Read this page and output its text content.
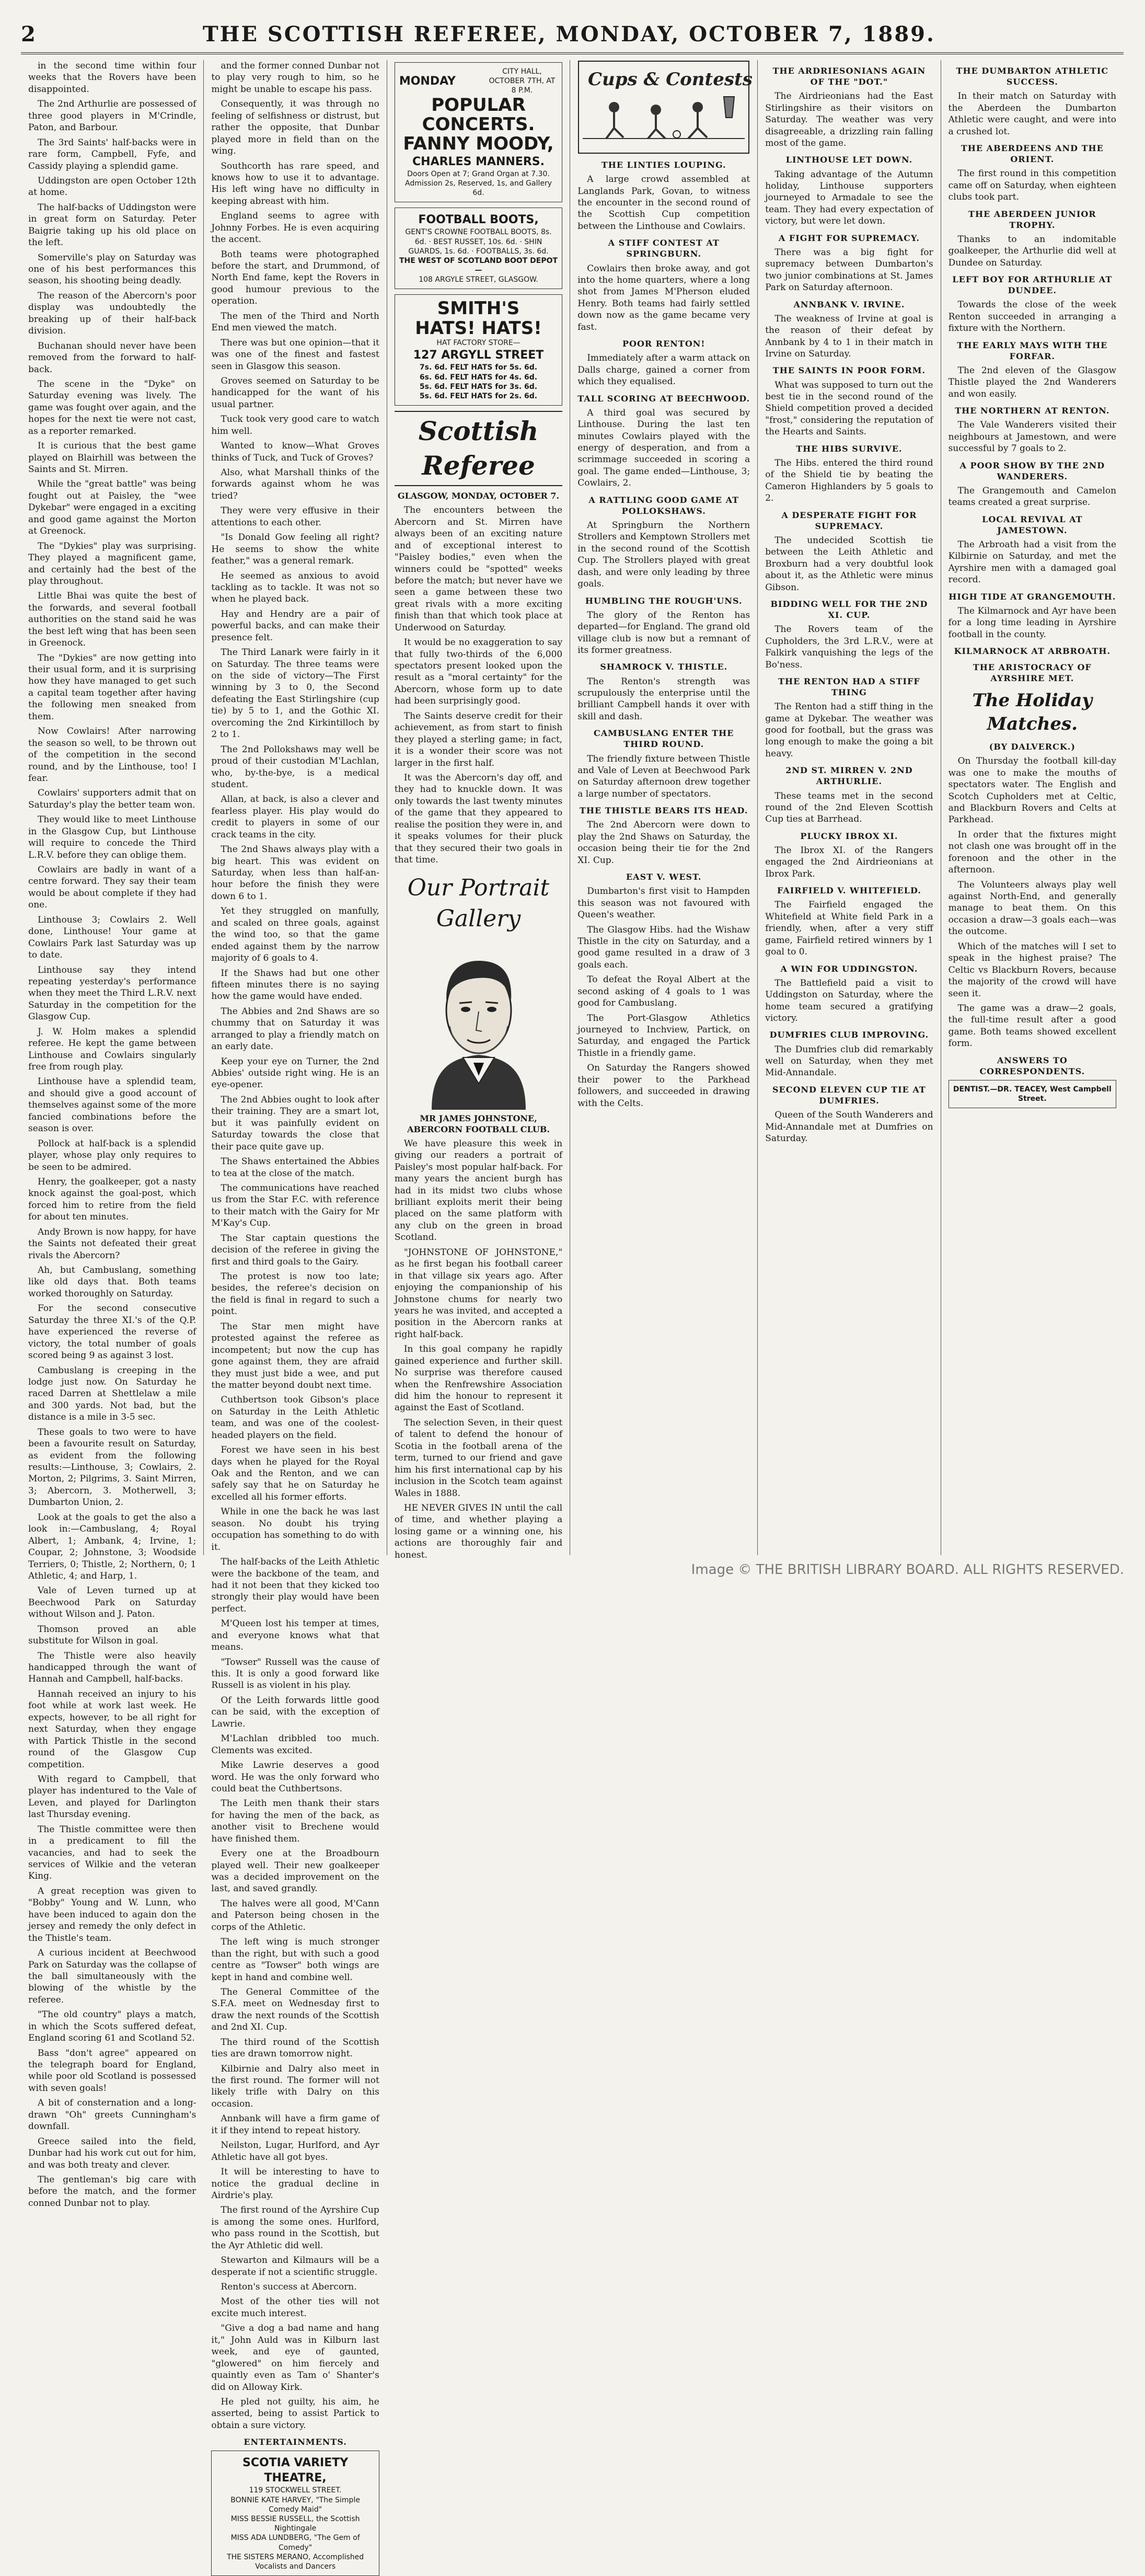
2	THE SCOTTISH REFEREE, MONDAY, OCTOBER 7, 1889.

in the second time within four weeks that the Rovers have been disappointed.

The 2nd Arthurlie are possessed of three good players in M'Crindle, Paton, and Barbour.

The 3rd Saints' half-backs were in rare form, Campbell, Fyfe, and Cassidy playing a splendid game.

Uddingston are open October 12th at home.

The half-backs of Uddingston were in great form on Saturday. Peter Baigrie taking up his old place on the left.

Somerville's play on Saturday was one of his best performances this season, his shooting being deadly.

The reason of the Abercorn's poor display was undoubtedly the breaking up of their half-back division.

Buchanan should never have been removed from the forward to half-back.

The scene in the "Dyke" on Saturday evening was lively. The game was fought over again, and the hopes for the next tie were not cast, as a reporter remarked.

It is curious that the best game played on Blairhill was between the Saints and St. Mirren.

While the "great battle" was being fought out at Paisley, the "wee Dykebar" were engaged in a exciting and good game against the Morton at Greenock.

The "Dykies" play was surprising. They played a magnificent game, and certainly had the best of the play throughout.

Little Bhai was quite the best of the forwards, and several football authorities on the stand said he was the best left wing that has been seen in Greenock.

The "Dykies" are now getting into their usual form, and it is surprising how they have managed to get such a capital team together after having the following men sneaked from them.

Now Cowlairs! After narrowing the season so well, to be thrown out of the competition in the second round, and by the Linthouse, too! I fear.

Cowlairs' supporters admit that on Saturday's play the better team won.

They would like to meet Linthouse in the Glasgow Cup, but Linthouse will require to concede the Third L.R.V. before they can oblige them.

Cowlairs are badly in want of a centre forward. They say their team would be about complete if they had one.

Linthouse 3; Cowlairs 2. Well done, Linthouse! Your game at Cowlairs Park last Saturday was up to date.

Linthouse say they intend repeating yesterday's performance when they meet the Third L.R.V. next Saturday in the competition for the Glasgow Cup.

J. W. Holm makes a splendid referee. He kept the game between Linthouse and Cowlairs singularly free from rough play.

Linthouse have a splendid team, and should give a good account of themselves against some of the more fancied combinations before the season is over.

Pollock at half-back is a splendid player, whose play only requires to be seen to be admired.

Henry, the goalkeeper, got a nasty knock against the goal-post, which forced him to retire from the field for about ten minutes.

Andy Brown is now happy, for have the Saints not defeated their great rivals the Abercorn?

Ah, but Cambuslang, something like old days that. Both teams worked thoroughly on Saturday.

For the second consecutive Saturday the three XI.'s of the Q.P. have experienced the reverse of victory, the total number of goals scored being 9 as against 3 lost.

Cambuslang is creeping in the lodge just now. On Saturday he raced Darren at Shettlelaw a mile and 300 yards. Not bad, but the distance is a mile in 3-5 sec.

These goals to two were to have been a favourite result on Saturday, as evident from the following results:—Linthouse, 3; Cowlairs, 2. Morton, 2; Pilgrims, 3. Saint Mirren, 3; Abercorn, 3. Motherwell, 3; Dumbarton Union, 2.

Look at the goals to get the also a look in:—Cambuslang, 4; Royal Albert, 1; Ambank, 4; Irvine, 1; Coupar, 2; Johnstone, 3; Woodside Terriers, 0; Thistle, 2; Northern, 0; 1 Athletic, 4; and Harp, 1.

Vale of Leven turned up at Beechwood Park on Saturday without Wilson and J. Paton.

Thomson proved an able substitute for Wilson in goal.

The Thistle were also heavily handicapped through the want of Hannah and Campbell, half-backs.

Hannah received an injury to his foot while at work last week. He expects, however, to be all right for next Saturday, when they engage with Partick Thistle in the second round of the Glasgow Cup competition.

With regard to Campbell, that player has indentured to the Vale of Leven, and played for Darlington last Thursday evening.

The Thistle committee were then in a predicament to fill the vacancies, and had to seek the services of Wilkie and the veteran King.

A great reception was given to "Bobby" Young and W. Lunn, who have been induced to again don the jersey and remedy the only defect in the Thistle's team.

A curious incident at Beechwood Park on Saturday was the collapse of the ball simultaneously with the blowing of the whistle by the referee.

"The old country" plays a match, in which the Scots suffered defeat, England scoring 61 and Scotland 52.

Bass "don't agree" appeared on the telegraph board for England, while poor old Scotland is possessed with seven goals!

A bit of consternation and a long-drawn "Oh" greets Cunningham's downfall.

Greece sailed into the field, Dunbar had his work cut out for him, and was both treaty and clever.

The gentleman's big care with before the match, and the former conned Dunbar not to play.

and the former conned Dunbar not to play very rough to him, so he might be unable to escape his pass.

Consequently, it was through no feeling of selfishness or distrust, but rather the opposite, that Dunbar played more in field than on the wing.

Southcorth has rare speed, and knows how to use it to advantage. His left wing have no difficulty in keeping abreast with him.

England seems to agree with Johnny Forbes. He is even acquiring the accent.

Both teams were photographed before the start, and Drummond, of North End fame, kept the Rovers in good humour previous to the operation.

The men of the Third and North End men viewed the match.

There was but one opinion—that it was one of the finest and fastest seen in Glasgow this season.

Groves seemed on Saturday to be handicapped for the want of his usual partner.

Tuck took very good care to watch him well.

Wanted to know—What Groves thinks of Tuck, and Tuck of Groves?

Also, what Marshall thinks of the forwards against whom he was tried?

They were very effusive in their attentions to each other.

"Is Donald Gow feeling all right? He seems to show the white feather," was a general remark.

He seemed as anxious to avoid tackling as to tackle. It was not so when he played back.

Hay and Hendry are a pair of powerful backs, and can make their presence felt.

The Third Lanark were fairly in it on Saturday. The three teams were on the side of victory—The First winning by 3 to 0, the Second defeating the East Stirlingshire (cup tie) by 5 to 1, and the Gothic XI. overcoming the 2nd Kirkintilloch by 2 to 1.

The 2nd Pollokshaws may well be proud of their custodian M'Lachlan, who, by-the-bye, is a medical student.

Allan, at back, is also a clever and fearless player. His play would do credit to players in some of our crack teams in the city.

The 2nd Shaws always play with a big heart. This was evident on Saturday, when less than half-an-hour before the finish they were down 6 to 1.

Yet they struggled on manfully, and scaled on three goals, against the wind too, so that the game ended against them by the narrow majority of 6 goals to 4.

If the Shaws had but one other fifteen minutes there is no saying how the game would have ended.

The Abbies and 2nd Shaws are so chummy that on Saturday it was arranged to play a friendly match on an early date.

Keep your eye on Turner, the 2nd Abbies' outside right wing. He is an eye-opener.

The 2nd Abbies ought to look after their training. They are a smart lot, but it was painfully evident on Saturday towards the close that their pace quite gave up.

The Shaws entertained the Abbies to tea at the close of the match.

The communications have reached us from the Star F.C. with reference to their match with the Gairy for Mr M'Kay's Cup.

The Star captain questions the decision of the referee in giving the first and third goals to the Gairy.

The protest is now too late; besides, the referee's decision on the field is final in regard to such a point.

The Star men might have protested against the referee as incompetent; but now the cup has gone against them, they are afraid they must just bide a wee, and put the matter beyond doubt next time.

Cuthbertson took Gibson's place on Saturday in the Leith Athletic team, and was one of the coolest-headed players on the field.

Forest we have seen in his best days when he played for the Royal Oak and the Renton, and we can safely say that he on Saturday he excelled all his former efforts.

While in one the back he was last season. No doubt his trying occupation has something to do with it.

The half-backs of the Leith Athletic were the backbone of the team, and had it not been that they kicked too strongly their play would have been perfect.

M'Queen lost his temper at times, and everyone knows what that means.

"Towser" Russell was the cause of this. It is only a good forward like Russell is as violent in his play.

Of the Leith forwards little good can be said, with the exception of Lawrie.

M'Lachlan dribbled too much. Clements was excited.

Mike Lawrie deserves a good word. He was the only forward who could beat the Cuthbertsons.

The Leith men thank their stars for having the men of the back, as another visit to Brechene would have finished them.

Every one at the Broadbourn played well. Their new goalkeeper was a decided improvement on the last, and saved grandly.

The halves were all good, M'Cann and Paterson being chosen in the corps of the Athletic.

The left wing is much stronger than the right, but with such a good centre as "Towser" both wings are kept in hand and combine well.

The General Committee of the S.F.A. meet on Wednesday first to draw the next rounds of the Scottish and 2nd XI. Cup.

The third round of the Scottish ties are drawn tomorrow night.

Kilbirnie and Dalry also meet in the first round. The former will not likely trifle with Dalry on this occasion.

Annbank will have a firm game of it if they intend to repeat history.

Neilston, Lugar, Hurlford, and Ayr Athletic have all got byes.

It will be interesting to have to notice the gradual decline in Airdrie's play.

The first round of the Ayrshire Cup is among the some ones. Hurlford, who pass round in the Scottish, but the Ayr Athletic did well.

Stewarton and Kilmaurs will be a desperate if not a scientific struggle.

Renton's success at Abercorn.

Most of the other ties will not excite much interest.

"Give a dog a bad name and hang it," John Auld was in Kilburn last week, and eye of gaunted, "glowered" on him fiercely and quaintly even as Tam o' Shanter's did on Alloway Kirk.

He pled not guilty, his aim, he asserted, being to assist Partick to obtain a sure victory.

ENTERTAINMENTS.
SCOTIA VARIETY THEATRE,
119 STOCKWELL STREET.
BONNIE KATE HARVEY, "The Simple Comedy Maid"
MISS BESSIE RUSSELL, the Scottish Nightingale
MISS ADA LUNDBERG, "The Gem of Comedy"
THE SISTERS MERANO, Accomplished Vocalists and Dancers
MONDAY
CITY HALL, OCTOBER 7TH, AT 8 P.M.
POPULAR
CONCERTS.
FANNY MOODY,
CHARLES MANNERS.
Doors Open at 7; Grand Organ at 7.30. Admission 2s, Reserved, 1s, and Gallery 6d.
FOOTBALL BOOTS,
GENT'S CROWNE FOOTBALL BOOTS, 8s. 6d. · BEST RUSSET, 10s. 6d. · SHIN GUARDS, 1s. 6d. · FOOTBALLS, 3s. 6d.
THE WEST OF SCOTLAND BOOT DEPOT—
108 ARGYLE STREET, GLASGOW.
SMITH'S
HATS! HATS!
HAT FACTORY STORE—
127 ARGYLL STREET
7s. 6d. FELT HATS for 5s. 6d.
6s. 6d. FELT HATS for 4s. 6d.
5s. 6d. FELT HATS for 3s. 6d.
5s. 6d. FELT HATS for 2s. 6d.
Scottish Referee
GLASGOW, MONDAY, OCTOBER 7.

The encounters between the Abercorn and St. Mirren have always been of an exciting nature and of exceptional interest to "Paisley bodies," even when the winners could be "spotted" weeks before the match; but never have we seen a game between these two great rivals with a more exciting finish than that which took place at Underwood on Saturday.

It would be no exaggeration to say that fully two-thirds of the 6,000 spectators present looked upon the result as a "moral certainty" for the Abercorn, whose form up to date had been surprisingly good.

The Saints deserve credit for their achievement, as from start to finish they played a sterling game; in fact, it is a wonder their score was not larger in the first half.

It was the Abercorn's day off, and they had to knuckle down. It was only towards the last twenty minutes of the game that they appeared to realise the position they were in, and it speaks volumes for their pluck that they secured their two goals in that time.

Our Portrait Gallery
MR JAMES JOHNSTONE, ABERCORN FOOTBALL CLUB.

We have pleasure this week in giving our readers a portrait of Paisley's most popular half-back. For many years the ancient burgh has had in its midst two clubs whose brilliant exploits merit their being placed on the same platform with any club on the green in broad Scotland.

"JOHNSTONE OF JOHNSTONE," as he first began his football career in that village six years ago. After enjoying the companionship of his Johnstone chums for nearly two years he was invited, and accepted a position in the Abercorn ranks at right half-back.

In this goal company he rapidly gained experience and further skill. No surprise was therefore caused when the Renfrewshire Association did him the honour to represent it against the East of Scotland.

The selection Seven, in their quest of talent to defend the honour of Scotia in the football arena of the term, turned to our friend and gave him his first international cap by his inclusion in the Scotch team against Wales in 1888.

HE NEVER GIVES IN until the call of time, and whether playing a losing game or a winning one, his actions are thoroughly fair and honest.

Cups & Contests
THE LINTIES LOUPING.

A large crowd assembled at Langlands Park, Govan, to witness the encounter in the second round of the Scottish Cup competition between the Linthouse and Cowlairs.

A STIFF CONTEST AT SPRINGBURN.

Cowlairs then broke away, and got into the home quarters, where a long shot from James M'Pherson eluded Henry. Both teams had fairly settled down now as the game became very fast.

POOR RENTON!

Immediately after a warm attack on Dalls charge, gained a corner from which they equalised.

TALL SCORING AT BEECHWOOD.

A third goal was secured by Linthouse. During the last ten minutes Cowlairs played with the energy of desperation, and from a scrimmage succeeded in scoring a goal. The game ended—Linthouse, 3; Cowlairs, 2.

A RATTLING GOOD GAME AT POLLOKSHAWS.

At Springburn the Northern Strollers and Kemptown Strollers met in the second round of the Scottish Cup. The Strollers played with great dash, and were only leading by three goals.

HUMBLING THE ROUGH'UNS.

The glory of the Renton has departed—for England. The grand old village club is now but a remnant of its former greatness.

SHAMROCK V. THISTLE.

The Renton's strength was scrupulously the enterprise until the brilliant Campbell hands it over with skill and dash.

CAMBUSLANG ENTER THE THIRD ROUND.

The friendly fixture between Thistle and Vale of Leven at Beechwood Park on Saturday afternoon drew together a large number of spectators.

THE THISTLE BEARS ITS HEAD.

The 2nd Abercorn were down to play the 2nd Shaws on Saturday, the occasion being their tie for the 2nd XI. Cup.

EAST V. WEST.

Dumbarton's first visit to Hampden this season was not favoured with Queen's weather.

The Glasgow Hibs. had the Wishaw Thistle in the city on Saturday, and a good game resulted in a draw of 3 goals each.

To defeat the Royal Albert at the second asking of 4 goals to 1 was good for Cambuslang.

The Port-Glasgow Athletics journeyed to Inchview, Partick, on Saturday, and engaged the Partick Thistle in a friendly game.

On Saturday the Rangers showed their power to the Parkhead followers, and succeeded in drawing with the Celts.

THE ARDRIESONIANS AGAIN OF THE "DOT."

The Airdrieonians had the East Stirlingshire as their visitors on Saturday. The weather was very disagreeable, a drizzling rain falling most of the game.

LINTHOUSE LET DOWN.

Taking advantage of the Autumn holiday, Linthouse supporters journeyed to Armadale to see the team. They had every expectation of victory, but were let down.

A FIGHT FOR SUPREMACY.

There was a big fight for supremacy between Dumbarton's two junior combinations at St. James Park on Saturday afternoon.

ANNBANK V. IRVINE.

The weakness of Irvine at goal is the reason of their defeat by Annbank by 4 to 1 in their match in Irvine on Saturday.

THE SAINTS IN POOR FORM.

What was supposed to turn out the best tie in the second round of the Shield competition proved a decided "frost," considering the reputation of the Hearts and Saints.

THE HIBS SURVIVE.

The Hibs. entered the third round of the Shield tie by beating the Cameron Highlanders by 5 goals to 2.

A DESPERATE FIGHT FOR SUPREMACY.

The undecided Scottish tie between the Leith Athletic and Broxburn had a very doubtful look about it, as the Athletic were minus Gibson.

BIDDING WELL FOR THE 2ND XI. CUP.

The Rovers team of the Cupholders, the 3rd L.R.V., were at Falkirk vanquishing the legs of the Bo'ness.

THE RENTON HAD A STIFF THING

The Renton had a stiff thing in the game at Dykebar. The weather was good for football, but the grass was long enough to make the going a bit heavy.

2ND ST. MIRREN V. 2ND ARTHURLIE.

These teams met in the second round of the 2nd Eleven Scottish Cup ties at Barrhead.

PLUCKY IBROX XI.

The Ibrox XI. of the Rangers engaged the 2nd Airdrieonians at Ibrox Park.

FAIRFIELD V. WHITEFIELD.

The Fairfield engaged the Whitefield at White field Park in a friendly, when, after a very stiff game, Fairfield retired winners by 1 goal to 0.

A WIN FOR UDDINGSTON.

The Battlefield paid a visit to Uddingston on Saturday, where the home team secured a gratifying victory.

DUMFRIES CLUB IMPROVING.

The Dumfries club did remarkably well on Saturday, when they met Mid-Annandale.

SECOND ELEVEN CUP TIE AT DUMFRIES.

Queen of the South Wanderers and Mid-Annandale met at Dumfries on Saturday.

THE DUMBARTON ATHLETIC SUCCESS.

In their match on Saturday with the Aberdeen the Dumbarton Athletic were caught, and were into a crushed lot.

THE ABERDEENS AND THE ORIENT.

The first round in this competition came off on Saturday, when eighteen clubs took part.

THE ABERDEEN JUNIOR TROPHY.

Thanks to an indomitable goalkeeper, the Arthurlie did well at Dundee on Saturday.

LEFT BOY FOR ARTHURLIE AT DUNDEE.

Towards the close of the week Renton succeeded in arranging a fixture with the Northern.

THE EARLY MAYS WITH THE FORFAR.

The 2nd eleven of the Glasgow Thistle played the 2nd Wanderers and won easily.

THE NORTHERN AT RENTON.

The Vale Wanderers visited their neighbours at Jamestown, and were successful by 7 goals to 2.

A POOR SHOW BY THE 2ND WANDERERS.

The Grangemouth and Camelon teams created a great surprise.

LOCAL REVIVAL AT JAMESTOWN.

The Arbroath had a visit from the Kilbirnie on Saturday, and met the Ayrshire men with a damaged goal record.

HIGH TIDE AT GRANGEMOUTH.

The Kilmarnock and Ayr have been for a long time leading in Ayrshire football in the county.

KILMARNOCK AT ARBROATH.
THE ARISTOCRACY OF AYRSHIRE MET.
The Holiday Matches.
(BY DALVERCK.)

On Thursday the football kill-day was one to make the mouths of spectators water. The English and Scotch Cupholders met at Celtic, and Blackburn Rovers and Celts at Parkhead.

In order that the fixtures might not clash one was brought off in the forenoon and the other in the afternoon.

The Volunteers always play well against North-End, and generally manage to beat them. On this occasion a draw—3 goals each—was the outcome.

Which of the matches will I set to speak in the highest praise? The Celtic vs Blackburn Rovers, because the majority of the crowd will have seen it.

The game was a draw—2 goals, the full-time result after a good game. Both teams showed excellent form.

ANSWERS TO CORRESPONDENTS.
DENTIST.—DR. TEACEY, West Campbell Street.
Image © THE BRITISH LIBRARY BOARD. ALL RIGHTS RESERVED.
